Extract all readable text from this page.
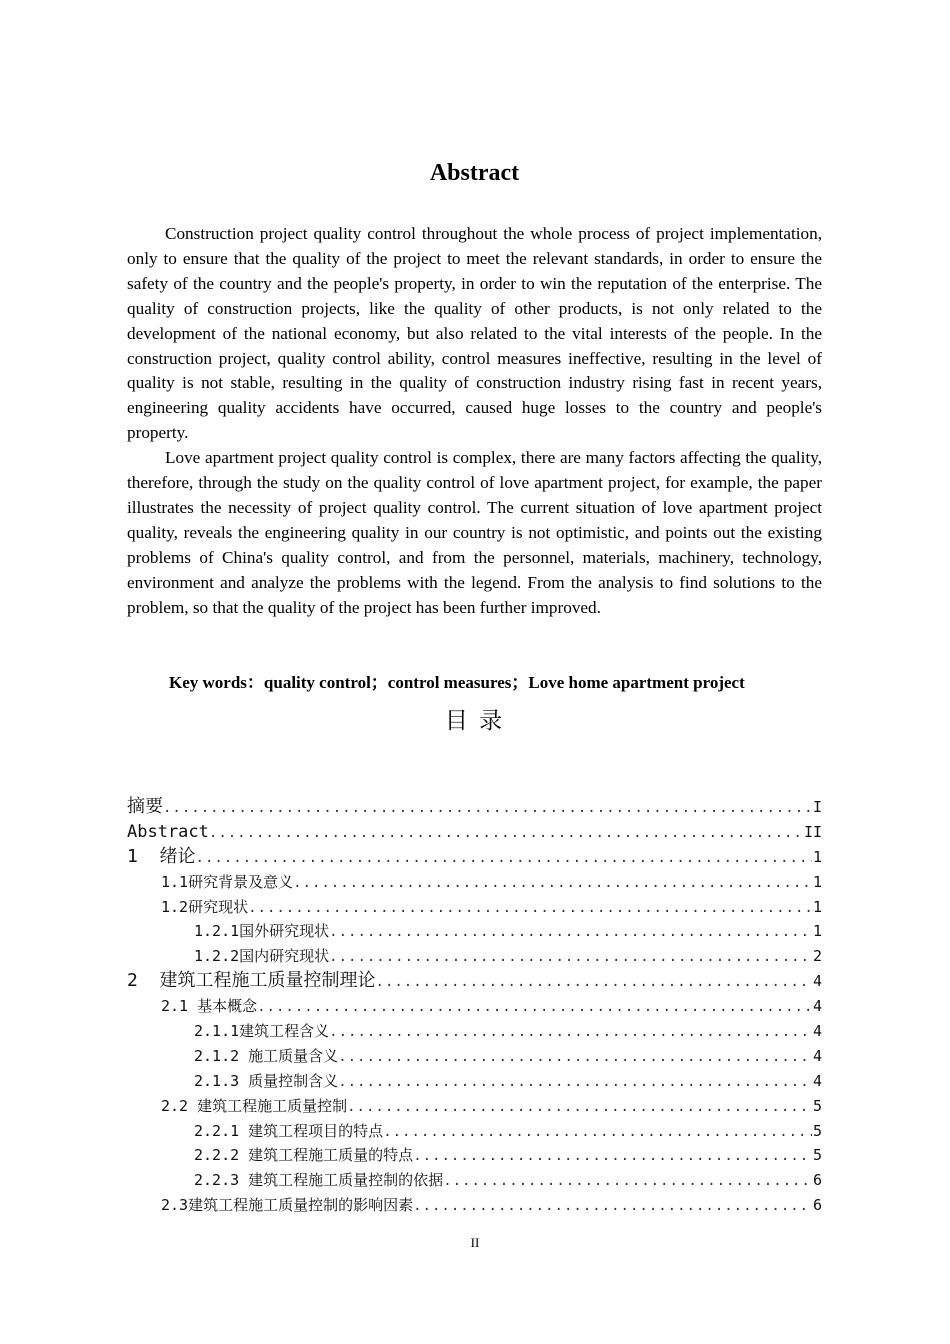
Abstract

Construction project quality control throughout the whole process of project implementation, only to ensure that the quality of the project to meet the relevant standards, in order to ensure the safety of the country and the people's property, in order to win the reputation of the enterprise. The quality of construction projects, like the quality of other products, is not only related to the development of the national economy, but also related to the vital interests of the people. In the construction project, quality control ability, control measures ineffective, resulting in the level of quality is not stable, resulting in the quality of construction industry rising fast in recent years, engineering quality accidents have occurred, caused huge losses to the country and people's property.

Love apartment project quality control is complex, there are many factors affecting the quality, therefore, through the study on the quality control of love apartment project, for example, the paper illustrates the necessity of project quality control. The current situation of love apartment project quality, reveals the engineering quality in our country is not optimistic, and points out the existing problems of China's quality control, and from the personnel, materials, machinery, technology, environment and analyze the problems with the legend. From the analysis to find solutions to the problem, so that the quality of the project has been further improved.

Key words：quality control；control measures；Love home apartment project
目 录
摘要 .....	I
Abstract .....	II
1  绪论 .....	1
1.1研究背景及意义 .....	1
1.2研究现状 .....	1
1.2.1国外研究现状 .....	1
1.2.2国内研究现状 .....	2
2  建筑工程施工质量控制理论 .....	4
2.1 基本概念 .....	4
2.1.1建筑工程含义 .....	4
2.1.2 施工质量含义 .....	4
2.1.3 质量控制含义 .....	4
2.2 建筑工程施工质量控制 .....	5
2.2.1 建筑工程项目的特点 .....	5
2.2.2 建筑工程施工质量的特点 .....	5
2.2.3 建筑工程施工质量控制的依据 .....	6
2.3建筑工程施工质量控制的影响因素 .....	6
II
